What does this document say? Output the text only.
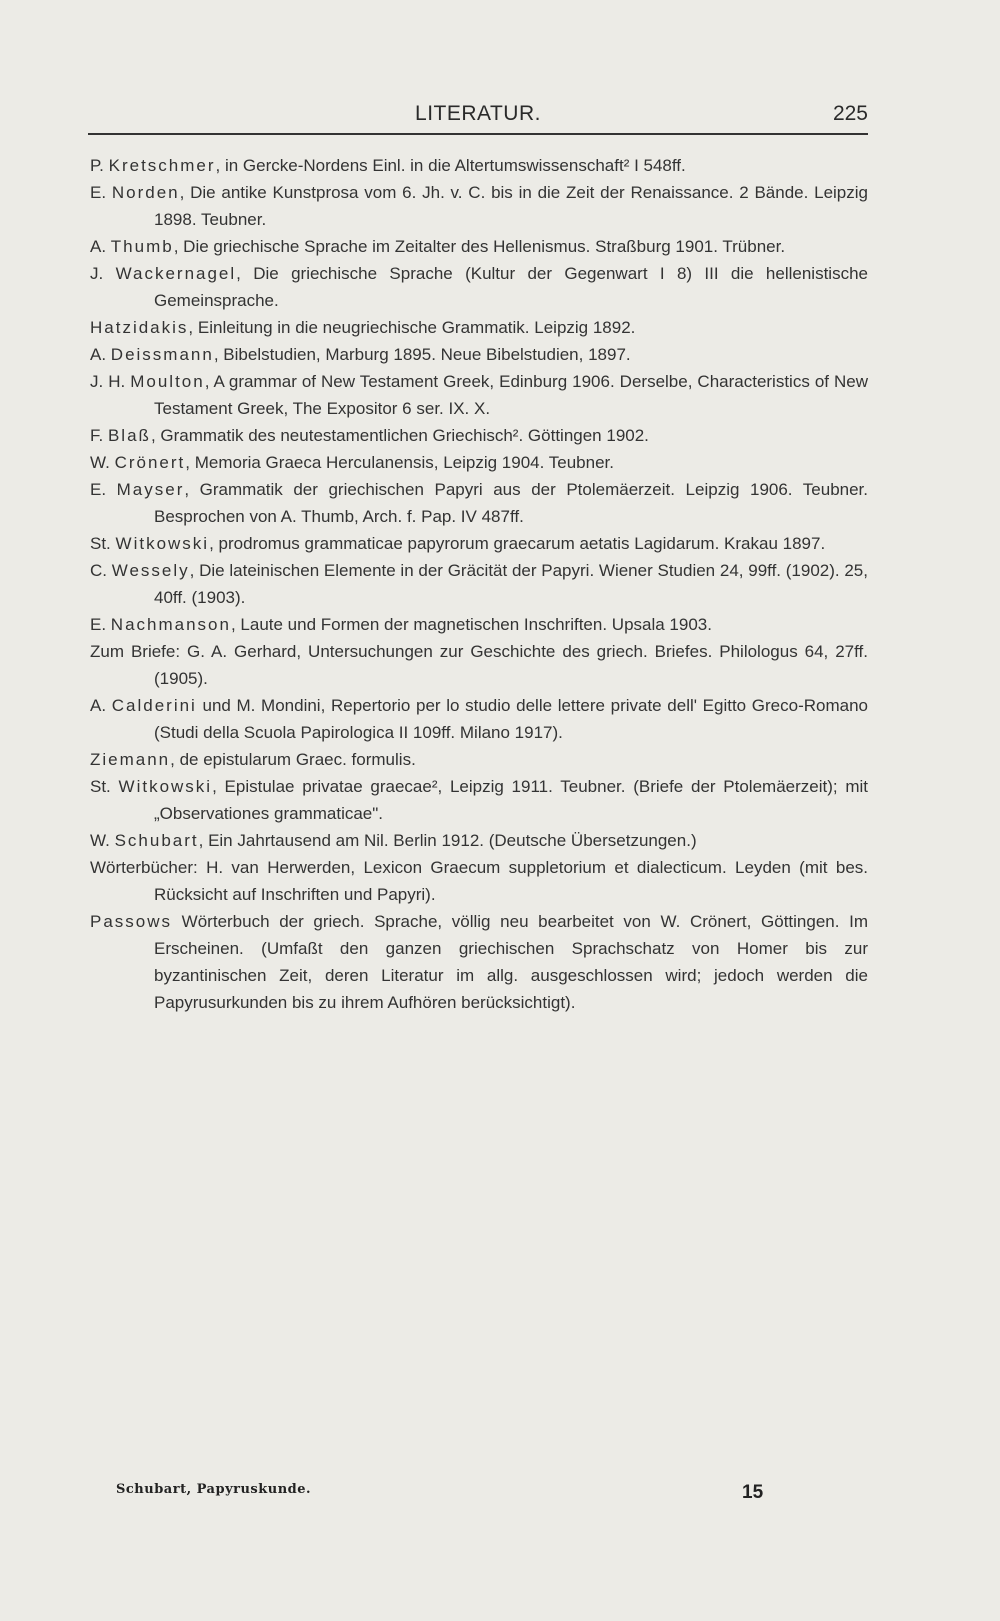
LITERATUR.	225

P. Kretschmer, in Gercke-Nordens Einl. in die Altertumswissenschaft² I 548ff.

E. Norden, Die antike Kunstprosa vom 6. Jh. v. C. bis in die Zeit der Renaissance. 2 Bände. Leipzig 1898. Teubner.

A. Thumb, Die griechische Sprache im Zeitalter des Hellenismus. Straßburg 1901. Trübner.

J. Wackernagel, Die griechische Sprache (Kultur der Gegenwart I 8) III die hellenistische Gemeinsprache.

Hatzidakis, Einleitung in die neugriechische Grammatik. Leipzig 1892.

A. Deissmann, Bibelstudien, Marburg 1895. Neue Bibelstudien, 1897.

J. H. Moulton, A grammar of New Testament Greek, Edinburg 1906. Derselbe, Characteristics of New Testament Greek, The Expositor 6 ser. IX. X.

F. Blaß, Grammatik des neutestamentlichen Griechisch². Göttingen 1902.

W. Crönert, Memoria Graeca Herculanensis, Leipzig 1904. Teubner.

E. Mayser, Grammatik der griechischen Papyri aus der Ptolemäerzeit. Leipzig 1906. Teubner. Besprochen von A. Thumb, Arch. f. Pap. IV 487ff.

St. Witkowski, prodromus grammaticae papyrorum graecarum aetatis Lagidarum. Krakau 1897.

C. Wessely, Die lateinischen Elemente in der Gräcität der Papyri. Wiener Studien 24, 99ff. (1902). 25, 40ff. (1903).

E. Nachmanson, Laute und Formen der magnetischen Inschriften. Upsala 1903.

Zum Briefe: G. A. Gerhard, Untersuchungen zur Geschichte des griech. Briefes. Philologus 64, 27ff. (1905).

A. Calderini und M. Mondini, Repertorio per lo studio delle lettere private dell' Egitto Greco-Romano (Studi della Scuola Papirologica II 109ff. Milano 1917).

Ziemann, de epistularum Graec. formulis.

St. Witkowski, Epistulae privatae graecae², Leipzig 1911. Teubner. (Briefe der Ptolemäerzeit); mit „Observationes grammaticae".

W. Schubart, Ein Jahrtausend am Nil. Berlin 1912. (Deutsche Übersetzungen.)

Wörterbücher: H. van Herwerden, Lexicon Graecum suppletorium et dialecticum. Leyden (mit bes. Rücksicht auf Inschriften und Papyri).

Passows Wörterbuch der griech. Sprache, völlig neu bearbeitet von W. Crönert, Göttingen. Im Erscheinen. (Umfaßt den ganzen griechischen Sprachschatz von Homer bis zur byzantinischen Zeit, deren Literatur im allg. ausgeschlossen wird; jedoch werden die Papyrusurkunden bis zu ihrem Aufhören berücksichtigt).

Schubart, Papyruskunde.	15
